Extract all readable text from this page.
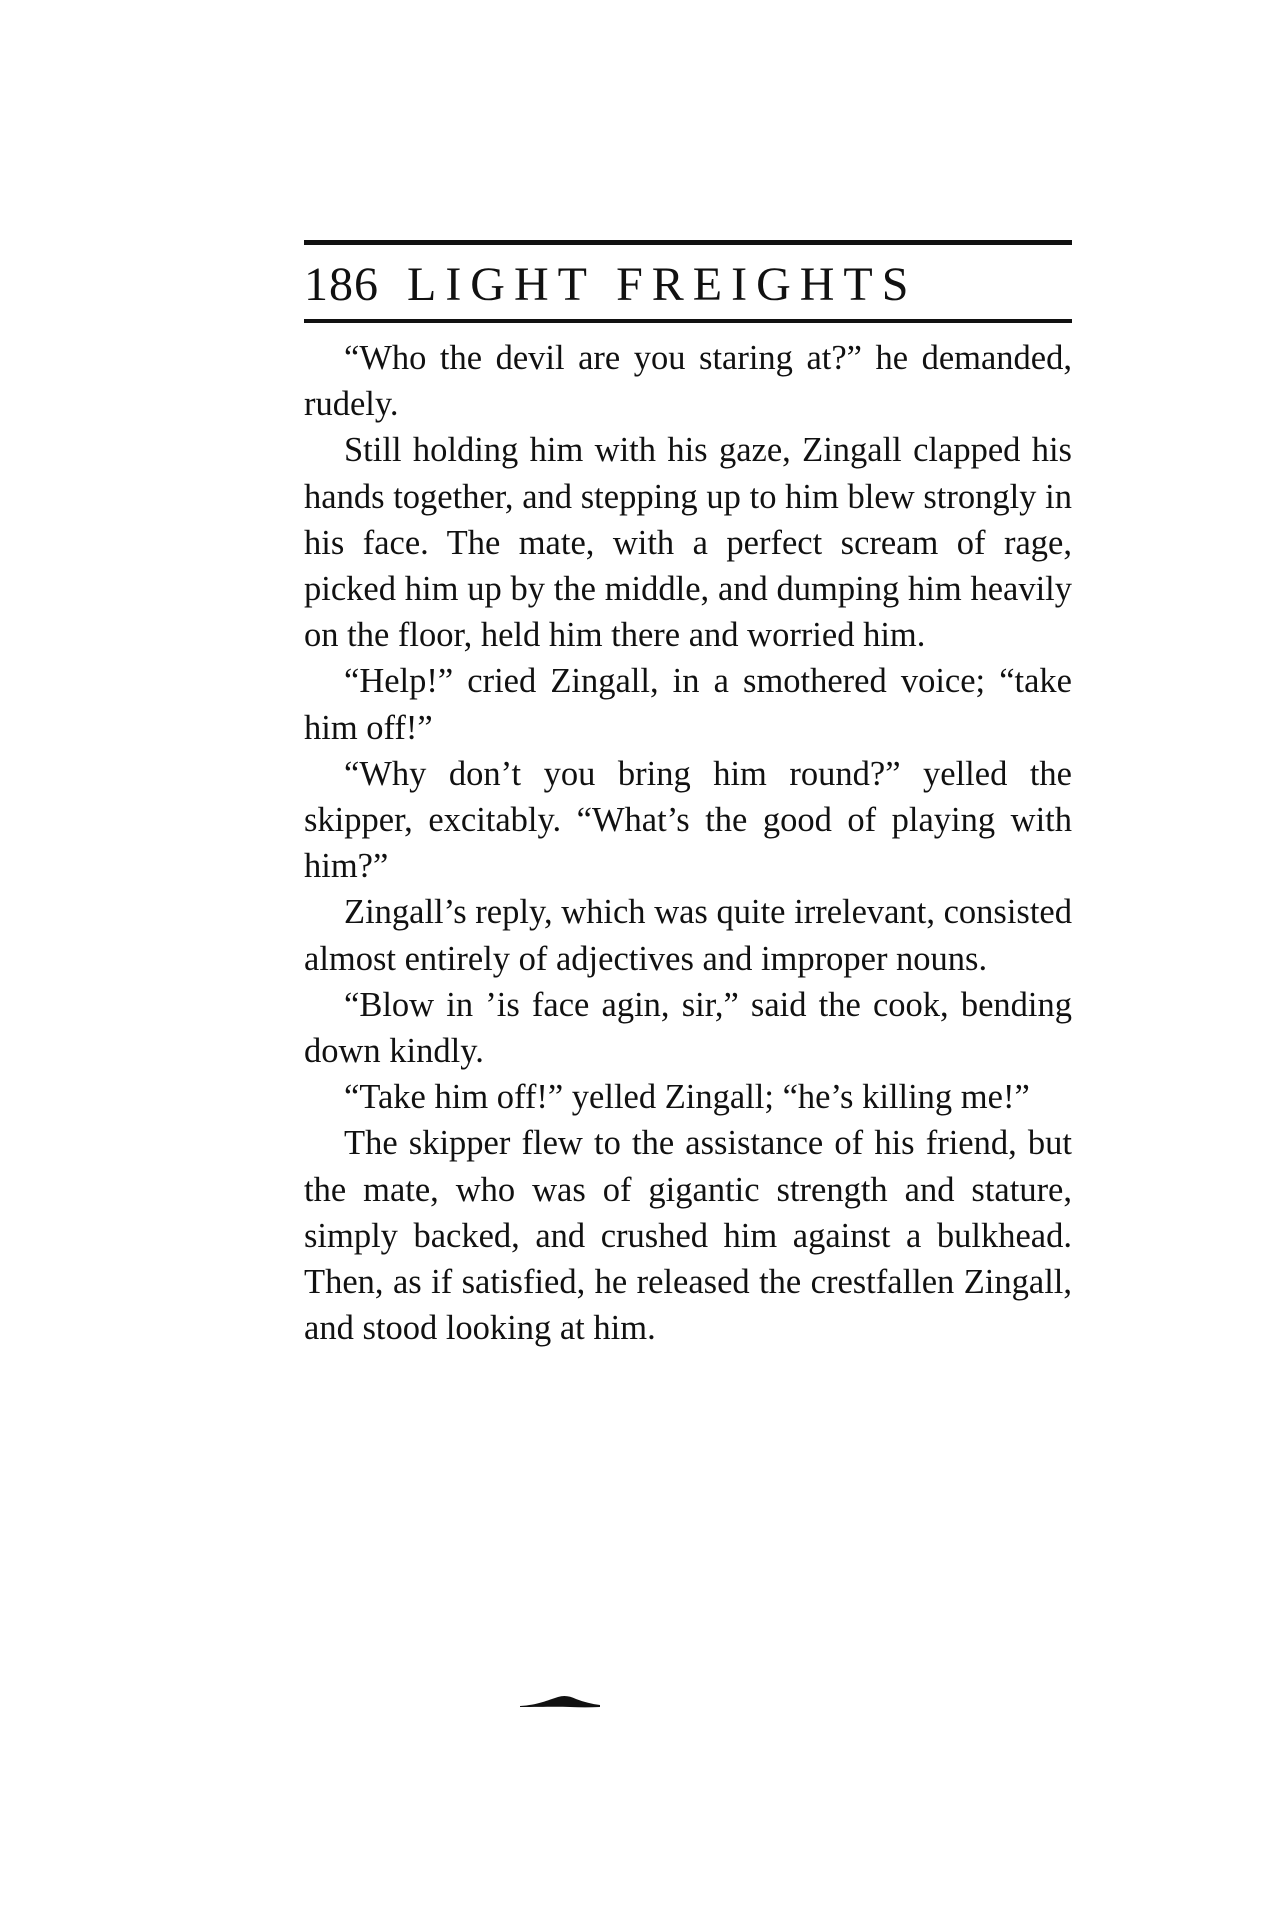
186 LIGHT FREIGHTS

“Who the devil are you staring at?” he demanded, rudely.

Still holding him with his gaze, Zingall clapped his hands together, and stepping up to him blew strongly in his face. The mate, with a perfect scream of rage, picked him up by the middle, and dumping him heavily on the floor, held him there and worried him.

“Help!” cried Zingall, in a smothered voice; “take him off!”

“Why don’t you bring him round?” yelled the skipper, excitably. “What’s the good of playing with him?”

Zingall’s reply, which was quite irrelevant, consisted almost entirely of adjectives and improper nouns.

“Blow in ’is face agin, sir,” said the cook, bending down kindly.

“Take him off!” yelled Zingall; “he’s killing me!”

The skipper flew to the assistance of his friend, but the mate, who was of gigantic strength and stature, simply backed, and crushed him against a bulkhead. Then, as if satisfied, he released the crestfallen Zingall, and stood looking at him.
